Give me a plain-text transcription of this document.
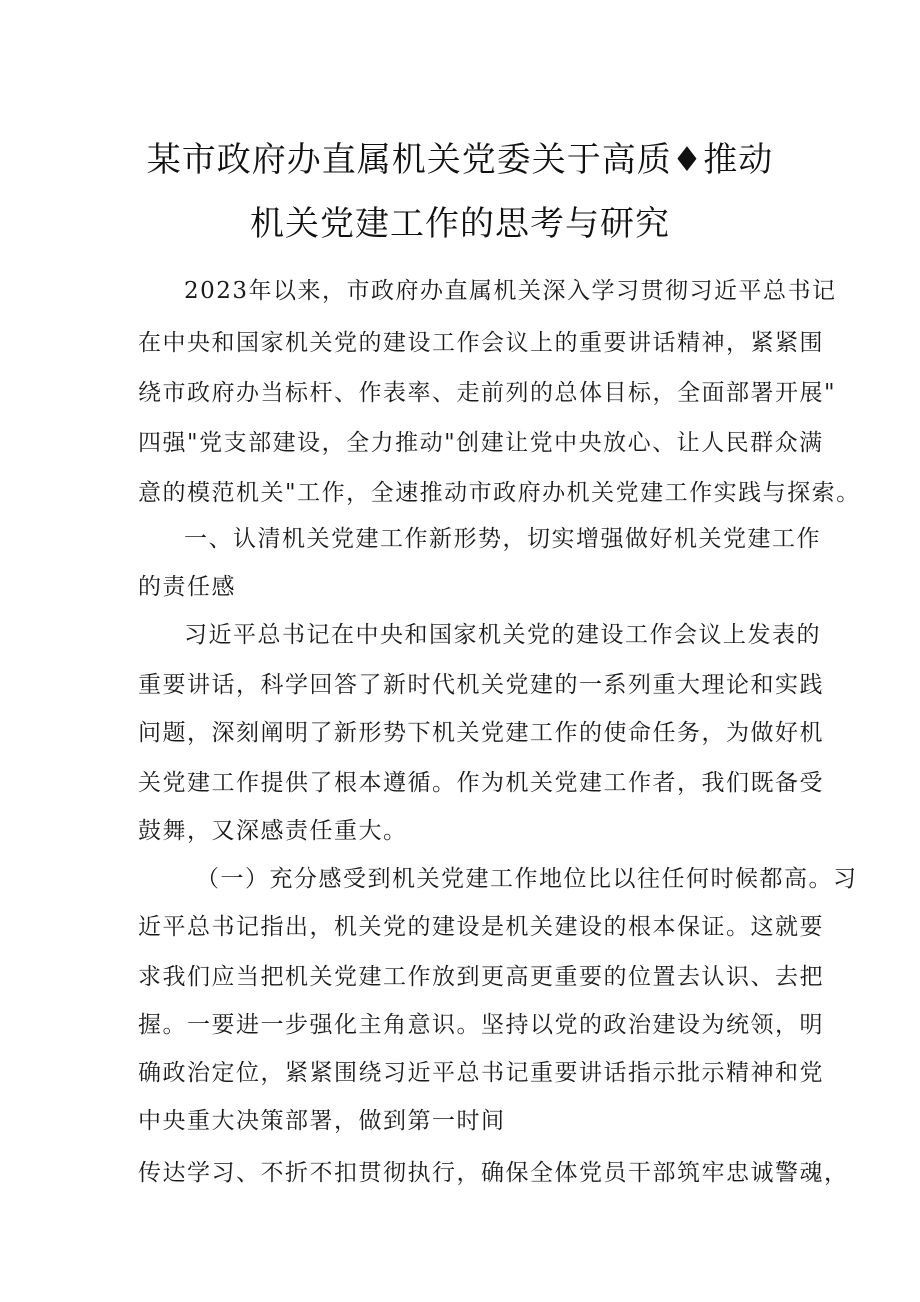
某市政府办直属机关党委关于高质♦推动
机关党建工作的思考与研究
2023年以来，市政府办直属机关深入学习贯彻习近平总书记
在中央和国家机关党的建设工作会议上的重要讲话精神，紧紧围
绕市政府办当标杆、作表率、走前列的总体目标，全面部署开展"
四强"党支部建设，全力推动"创建让党中央放心、让人民群众满
意的模范机关"工作，全速推动市政府办机关党建工作实践与探索。
一、认清机关党建工作新形势，切实增强做好机关党建工作
的责任感
习近平总书记在中央和国家机关党的建设工作会议上发表的
重要讲话，科学回答了新时代机关党建的一系列重大理论和实践
问题，深刻阐明了新形势下机关党建工作的使命任务，为做好机
关党建工作提供了根本遵循。作为机关党建工作者，我们既备受
鼓舞，又深感责任重大。
（一）充分感受到机关党建工作地位比以往任何时候都高。习
近平总书记指出，机关党的建设是机关建设的根本保证。这就要
求我们应当把机关党建工作放到更高更重要的位置去认识、去把
握。一要进一步强化主角意识。坚持以党的政治建设为统领，明
确政治定位，紧紧围绕习近平总书记重要讲话指示批示精神和党
中央重大决策部署，做到第一时间
传达学习、不折不扣贯彻执行，确保全体党员干部筑牢忠诚警魂，
